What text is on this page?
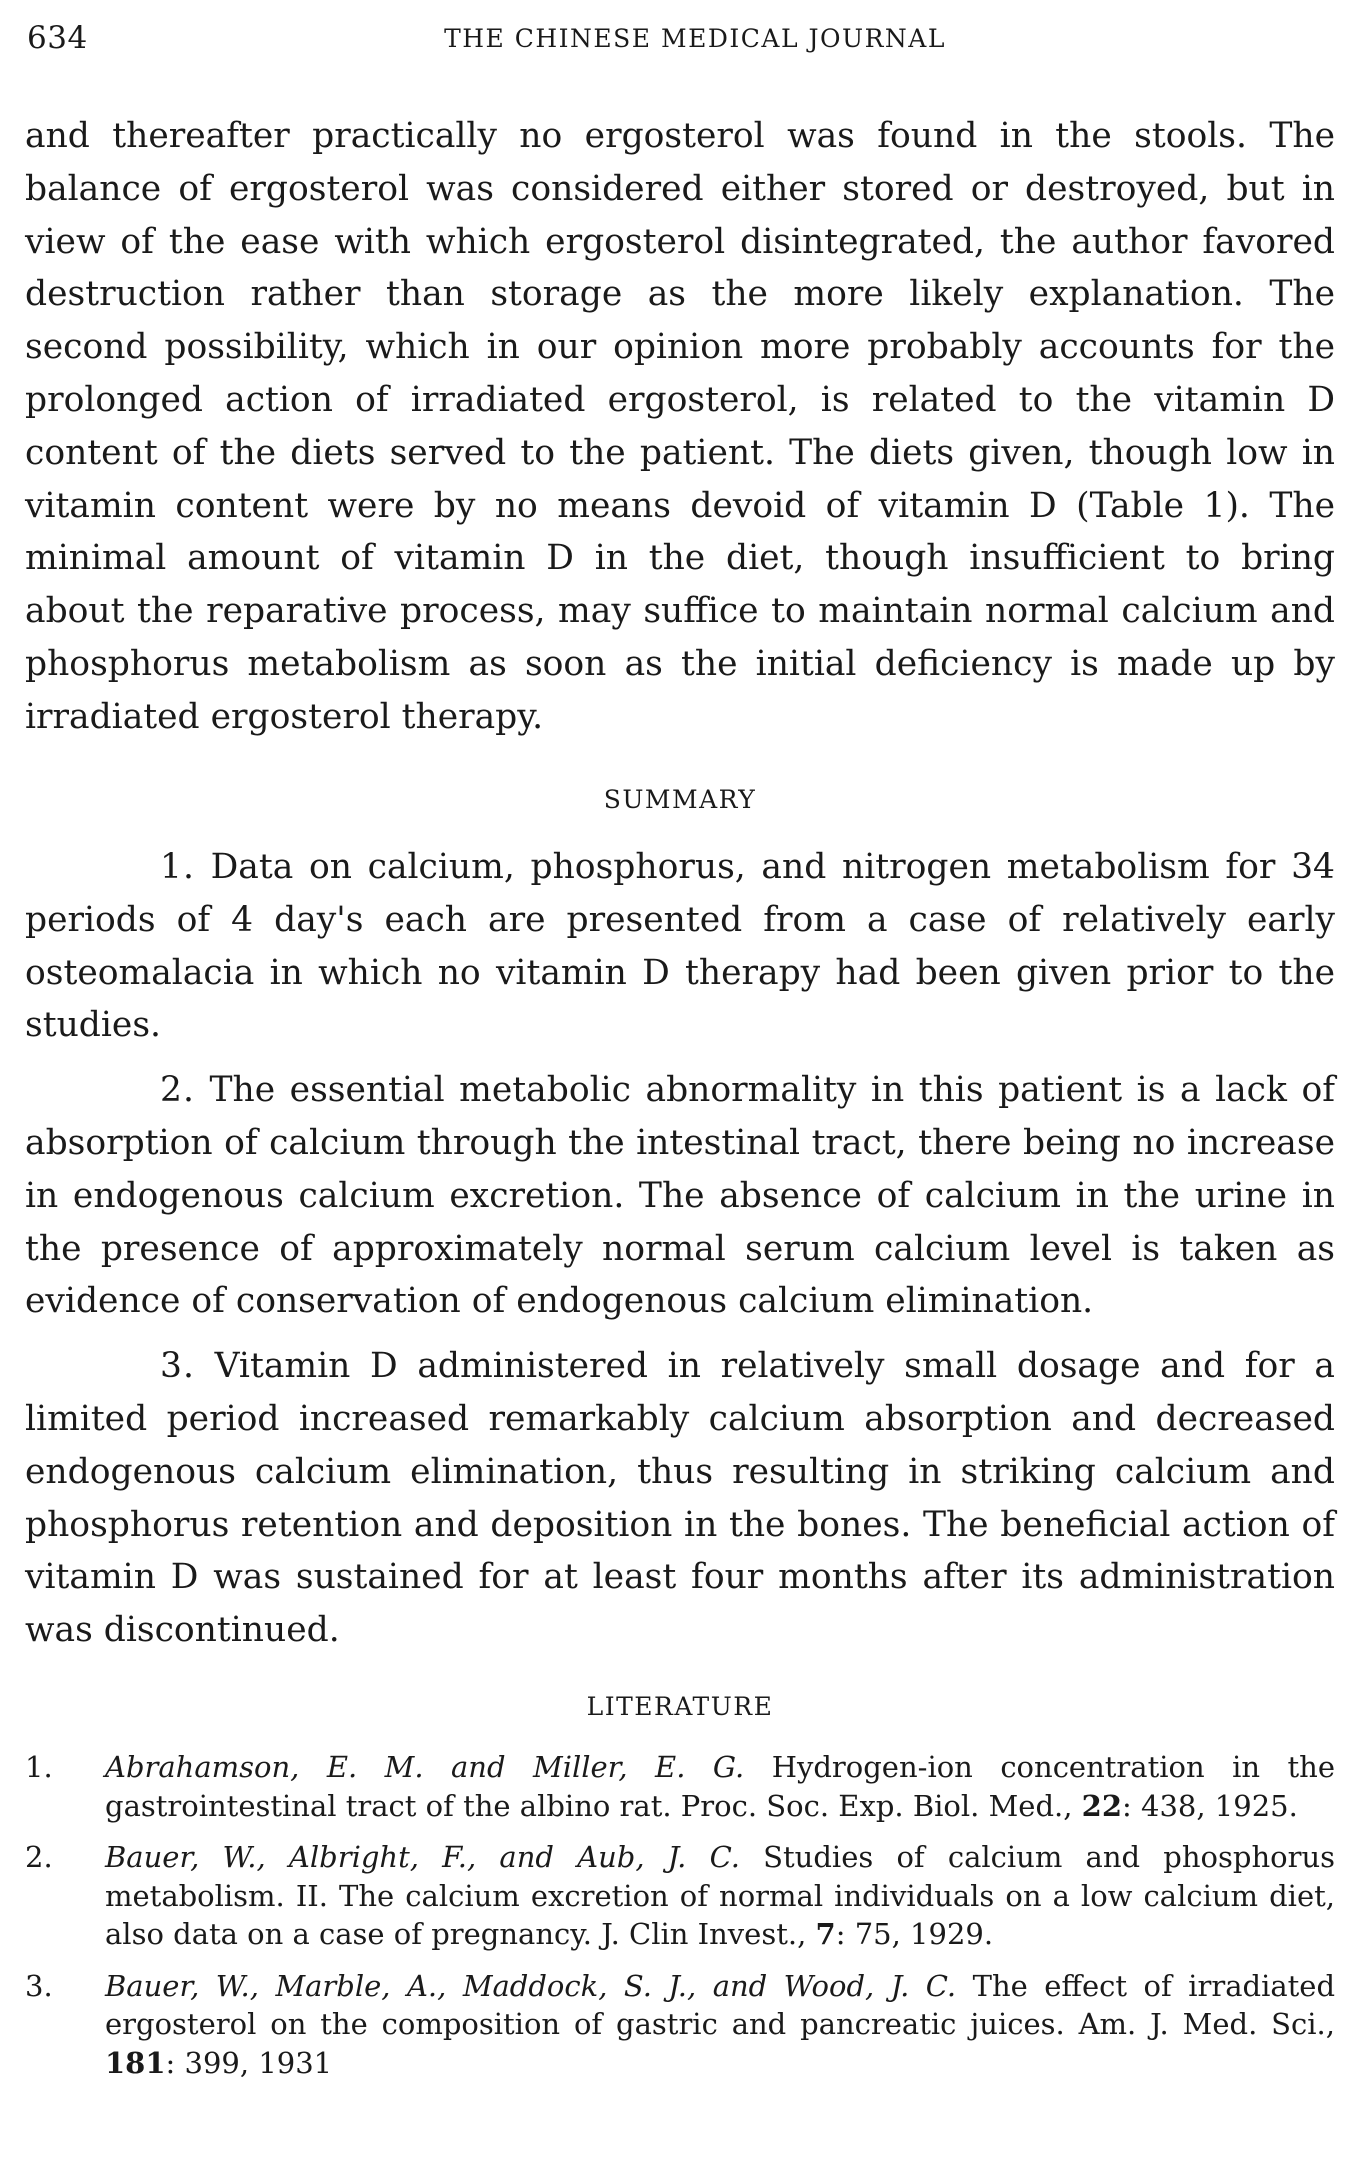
634	THE CHINESE MEDICAL JOURNAL

and thereafter practically no ergosterol was found in the stools. The balance of ergosterol was considered either stored or destroyed, but in view of the ease with which ergosterol disintegrated, the author favored destruction rather than storage as the more likely explanation. The second possibility, which in our opinion more probably accounts for the prolonged action of irradiated ergosterol, is related to the vitamin D content of the diets served to the patient. The diets given, though low in vitamin content were by no means devoid of vitamin D (Table 1). The minimal amount of vitamin D in the diet, though insufficient to bring about the reparative process, may suffice to maintain normal calcium and phosphorus metabolism as soon as the initial deficiency is made up by irradiated ergosterol therapy.

SUMMARY

1. Data on calcium, phosphorus, and nitrogen metabolism for 34 periods of 4 day's each are presented from a case of relatively early osteomalacia in which no vitamin D therapy had been given prior to the studies.

2. The essential metabolic abnormality in this patient is a lack of absorption of calcium through the intestinal tract, there being no increase in endogenous calcium excretion. The absence of calcium in the urine in the presence of approximately normal serum calcium level is taken as evidence of conservation of endogenous calcium elimination.

3. Vitamin D administered in relatively small dosage and for a limited period increased remarkably calcium absorption and decreased endogenous calcium elimination, thus resulting in striking calcium and phosphorus retention and deposition in the bones. The beneficial action of vitamin D was sustained for at least four months after its administration was discontinued.

LITERATURE
1.	Abrahamson, E. M. and Miller, E. G. Hydrogen-ion concentration in the gastrointestinal tract of the albino rat. Proc. Soc. Exp. Biol. Med., 22: 438, 1925.
2.	Bauer, W., Albright, F., and Aub, J. C. Studies of calcium and phosphorus metabolism. II. The calcium excretion of normal individuals on a low calcium diet, also data on a case of pregnancy. J. Clin Invest., 7: 75, 1929.
3.	Bauer, W., Marble, A., Maddock, S. J., and Wood, J. C. The effect of irradiated ergosterol on the composition of gastric and pancreatic juices. Am. J. Med. Sci., 181: 399, 1931
